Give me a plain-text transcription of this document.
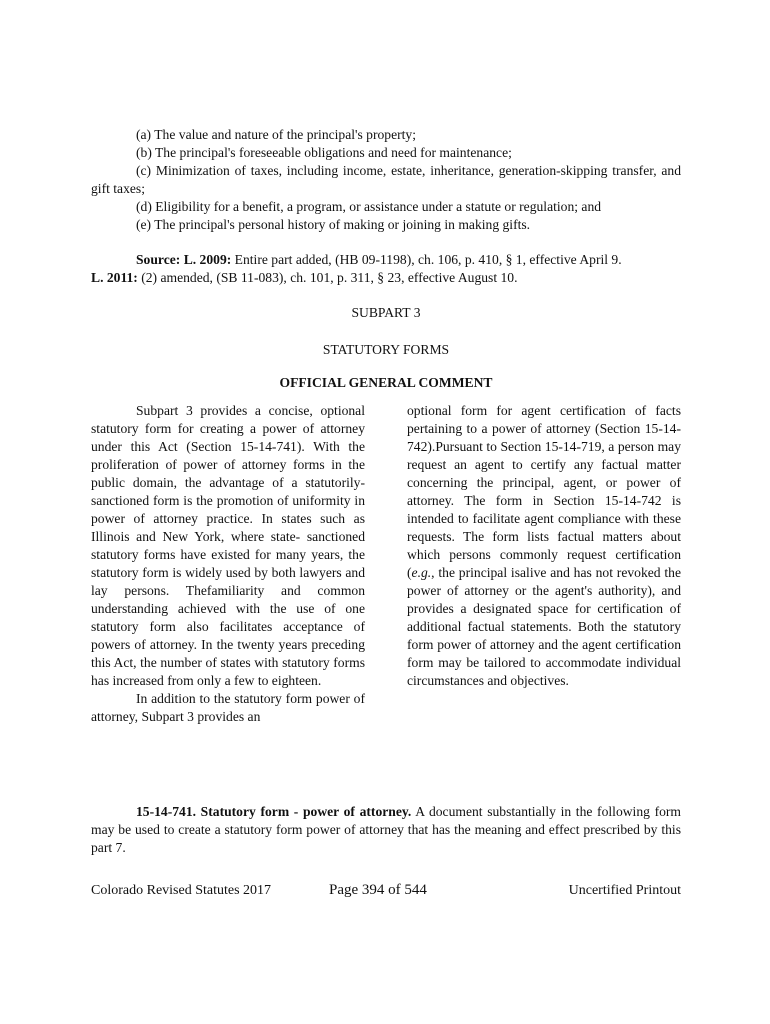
(a) The value and nature of the principal's property;

(b) The principal's foreseeable obligations and need for maintenance;

(c) Minimization of taxes, including income, estate, inheritance, generation-skipping transfer, and gift taxes;

(d) Eligibility for a benefit, a program, or assistance under a statute or regulation; and

(e) The principal's personal history of making or joining in making gifts.

Source: L. 2009: Entire part added, (HB 09-1198), ch. 106, p. 410, § 1, effective April 9.

L. 2011: (2) amended, (SB 11-083), ch. 101, p. 311, § 23, effective August 10.

SUBPART 3
STATUTORY FORMS
OFFICIAL GENERAL COMMENT

Subpart 3 provides a concise, optional statutory form for creating a power of attorney under this Act (Section 15-14-741). With the proliferation of power of attorney forms in the public domain, the advantage of a statutorily-sanctioned form is the promotion of uniformity in power of attorney practice. In states such as Illinois and New York, where state- sanctioned statutory forms have existed for many years, the statutory form is widely used by both lawyers and lay persons. Thefamiliarity and common understanding achieved with the use of one statutory form also facilitates acceptance of powers of attorney. In the twenty years preceding this Act, the number of states with statutory forms has increased from only a few to eighteen.

In addition to the statutory form power of attorney, Subpart 3 provides an

optional form for agent certification of facts pertaining to a power of attorney (Section 15-14- 742).Pursuant to Section 15-14-719, a person may request an agent to certify any factual matter concerning the principal, agent, or power of attorney. The form in Section 15-14-742 is intended to facilitate agent compliance with these requests. The form lists factual matters about which persons commonly request certification (e.g., the principal isalive and has not revoked the power of attorney or the agent's authority), and provides a designated space for certification of additional factual statements. Both the statutory form power of attorney and the agent certification form may be tailored to accommodate individual circumstances and objectives.

15-14-741. Statutory form - power of attorney. A document substantially in the following form may be used to create a statutory form power of attorney that has the meaning and effect prescribed by this part 7.

Colorado Revised Statutes 2017	Page 394 of 544	Uncertified Printout
